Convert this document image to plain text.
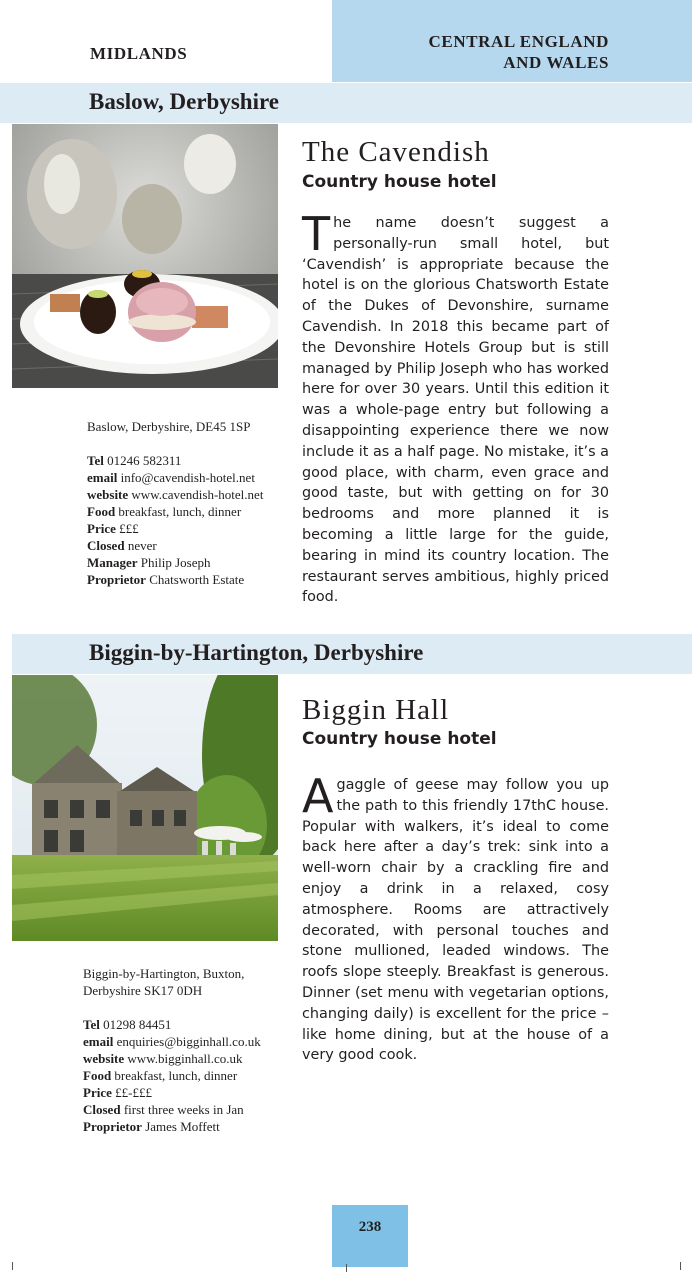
MIDLANDS
CENTRAL ENGLAND
AND WALES
Baslow, Derbyshire
The Cavendish
Country house hotel
The name doesn’t suggest a personally-run small hotel, but ‘Cavendish’ is appropriate because the hotel is on the glorious Chatsworth Estate of the Dukes of Devonshire, surname Cavendish. In 2018 this became part of the Devonshire Hotels Group but is still managed by Philip Joseph who has worked here for over 30 years. Until this edition it was a whole-page entry but following a disappointing experience there we now include it as a half page. No mistake, it’s a good place, with charm, even grace and good taste, but with getting on for 30 bedrooms and more planned it is becoming a little large for the guide, bearing in mind its country location. The restaurant serves ambitious, highly priced food.
Baslow, Derbyshire, DE45 1SP
Tel 01246 582311
email info@cavendish-hotel.net
website www.cavendish-hotel.net
Food breakfast, lunch, dinner
Price £££
Closed never
Manager Philip Joseph
Proprietor Chatsworth Estate
Biggin-by-Hartington, Derbyshire
Biggin Hall
Country house hotel
A gaggle of geese may follow you up the path to this friendly 17thC house. Popular with walkers, it’s ideal to come back here after a day’s trek: sink into a well-worn chair by a crackling fire and enjoy a drink in a relaxed, cosy atmosphere. Rooms are attractively decorated, with personal touches and stone mullioned, leaded windows. The roofs slope steeply. Breakfast is generous. Dinner (set menu with vegetarian options, changing daily) is excellent for the price – like home dining, but at the house of a very good cook.
Biggin-by-Hartington, Buxton,
Derbyshire SK17 0DH
Tel 01298 84451
email enquiries@bigginhall.co.uk
website www.bigginhall.co.uk
Food breakfast, lunch, dinner
Price ££-£££
Closed first three weeks in Jan
Proprietor James Moffett
238
